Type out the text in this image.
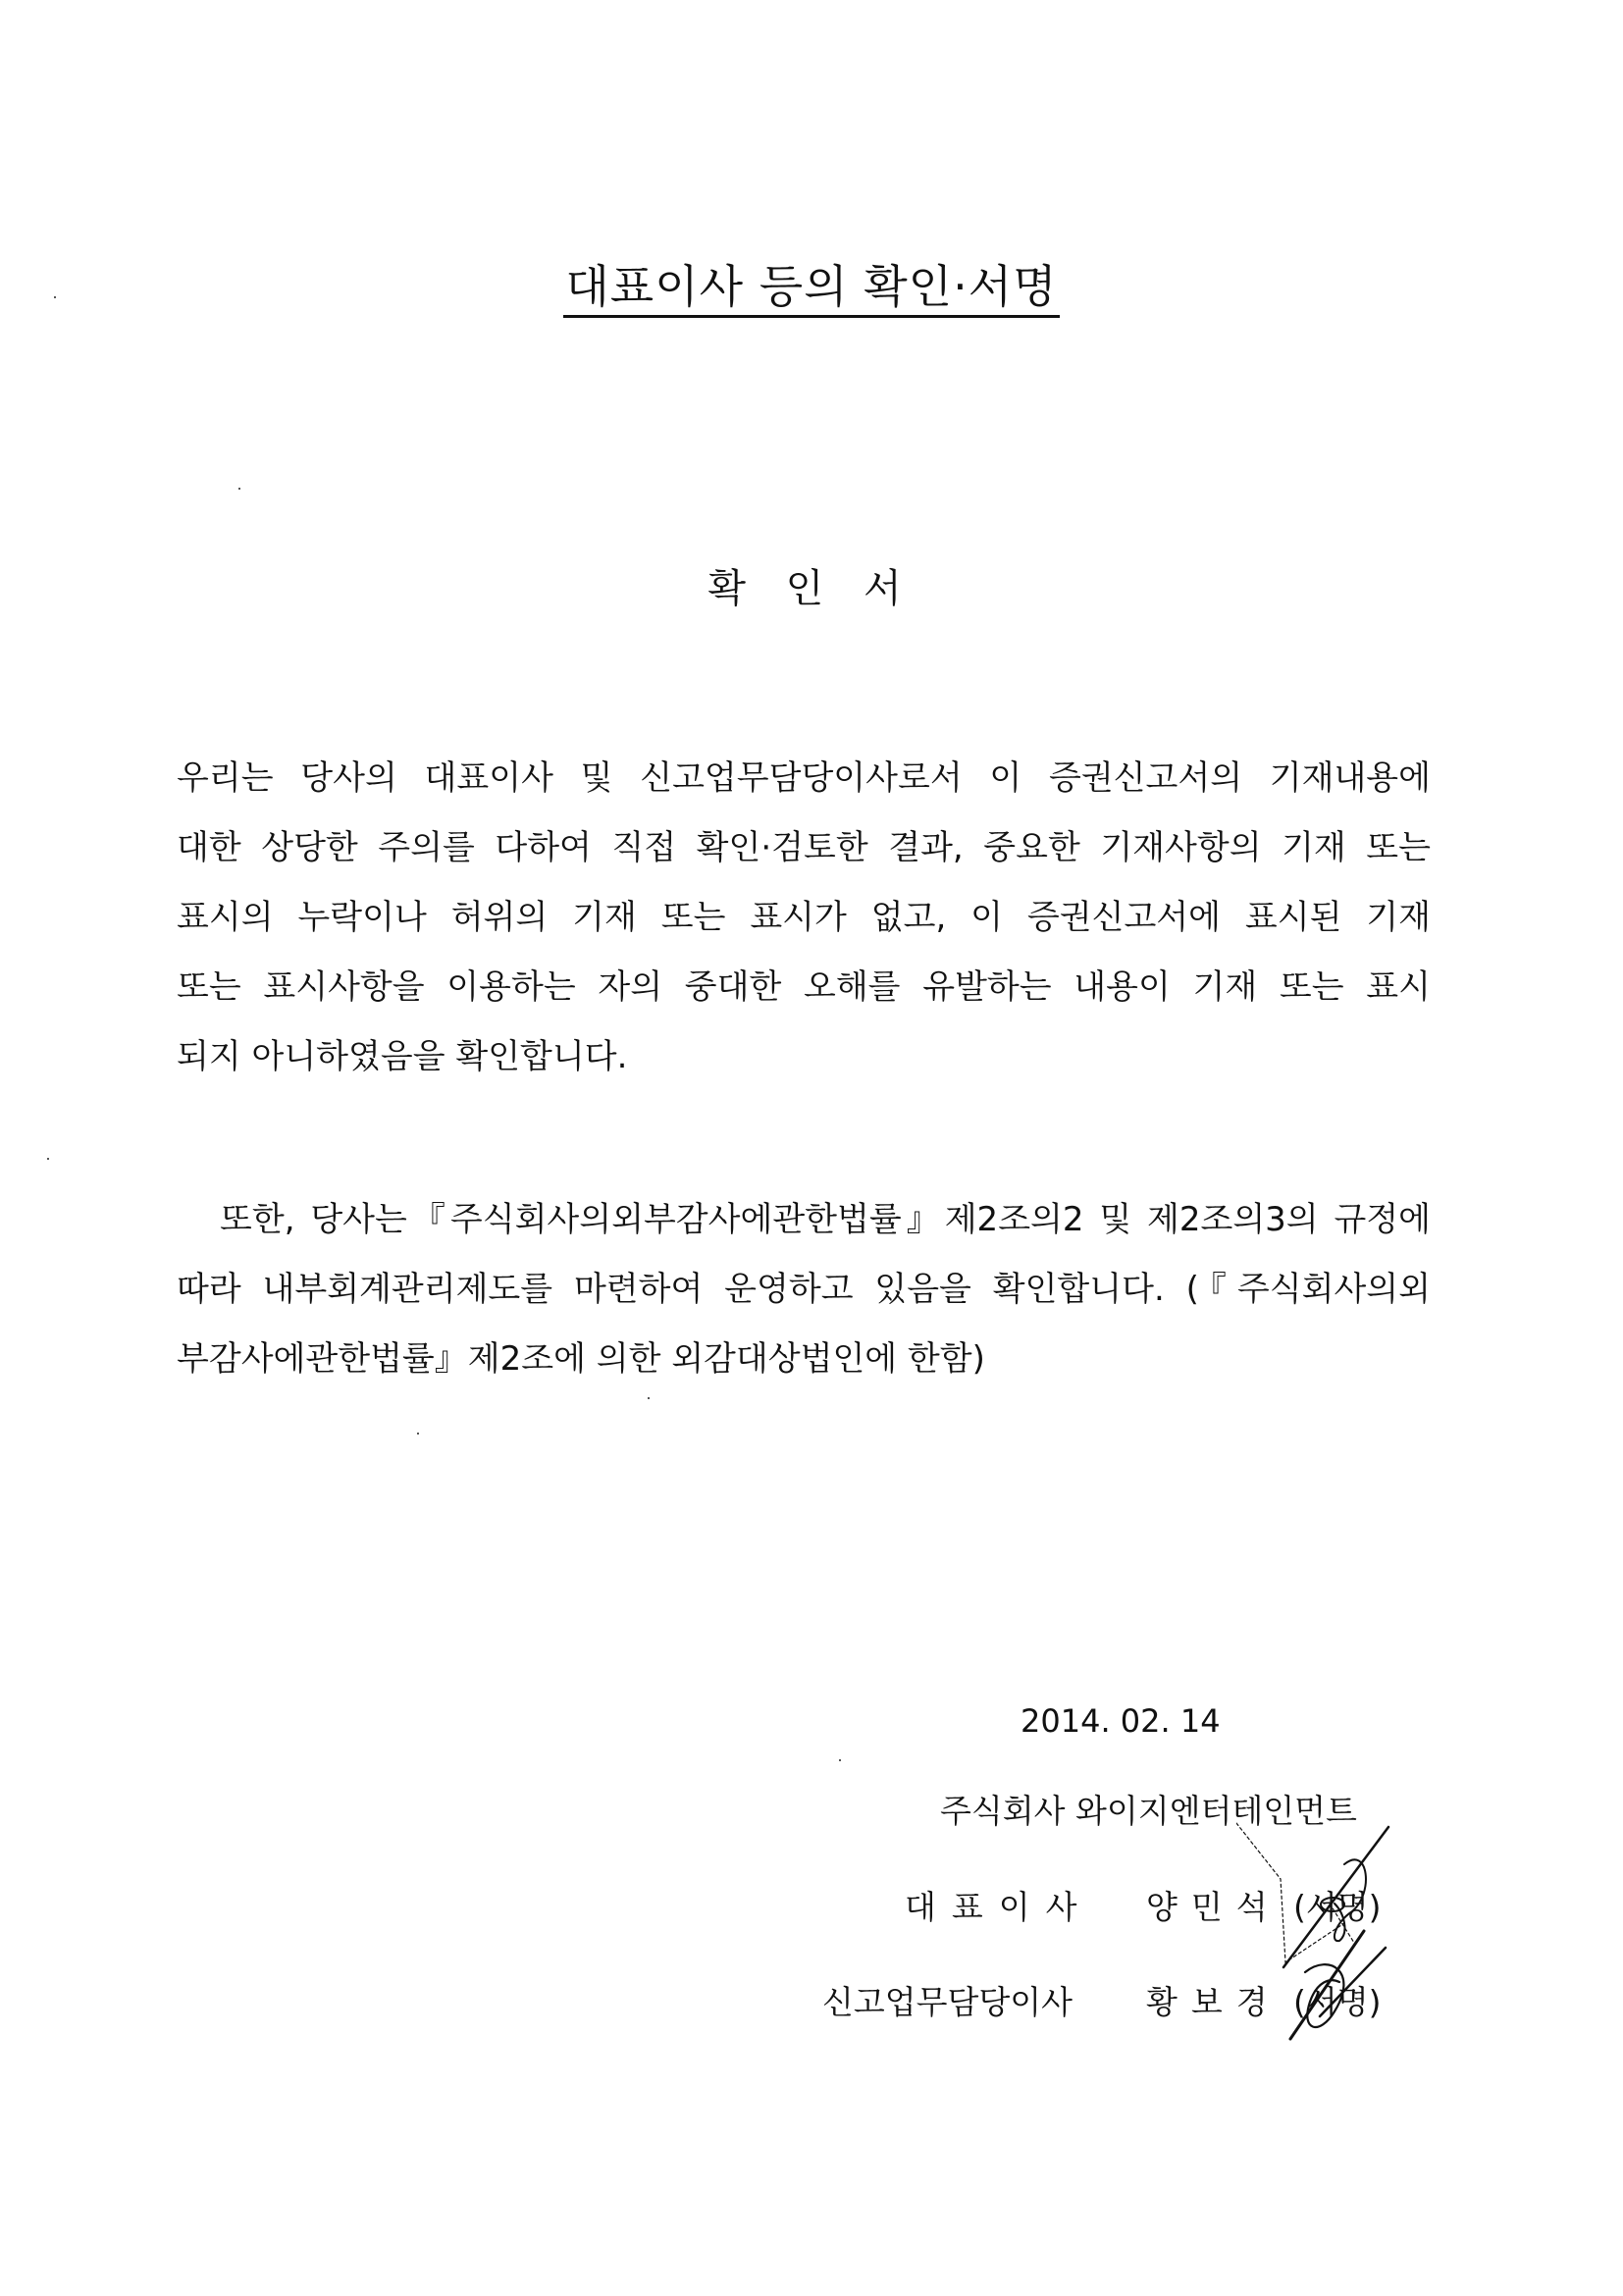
대표이사 등의 확인·서명
확 인 서
우리는 당사의 대표이사 및 신고업무담당이사로서 이 증권신고서의 기재내용에
대한 상당한 주의를 다하여 직접 확인·검토한 결과, 중요한 기재사항의 기재 또는
표시의 누락이나 허위의 기재 또는 표시가 없고, 이 증권신고서에 표시된 기재
또는 표시사항을 이용하는 자의 중대한 오해를 유발하는 내용이 기재 또는 표시
되지 아니하였음을 확인합니다.
또한, 당사는『주식회사의외부감사에관한법률』제2조의2 및 제2조의3의 규정에
따라 내부회계관리제도를 마련하여 운영하고 있음을 확인합니다. (『주식회사의외
부감사에관한법률』제2조에 의한 외감대상법인에 한함)
2014. 02. 14
주식회사 와이지엔터테인먼트
대표이사 양민석 (서명)
신고업무담당이사 황보경 (서명)
